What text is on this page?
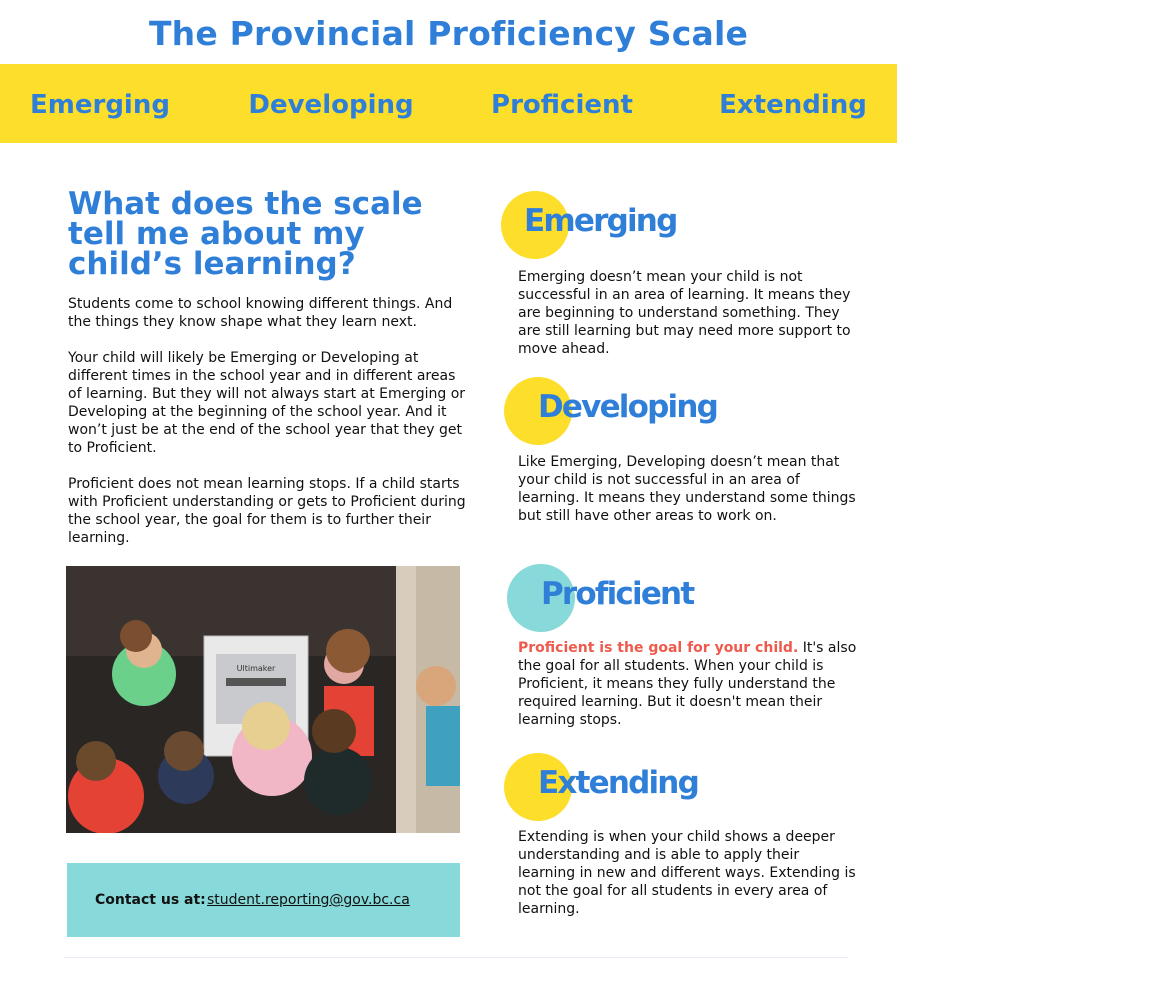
The Provincial Proficiency Scale
Emerging	Developing	Proficient	Extending
What does the scale tell me about my child’s learning?
Students come to school knowing different things. And the things they know shape what they learn next.
Your child will likely be Emerging or Developing at different times in the school year and in different areas of learning. But they will not always start at Emerging or Developing at the beginning of the school year. And it won’t just be at the end of the school year that they get to Proficient.
Proficient does not mean learning stops. If a child starts with Proficient understanding or gets to Proficient during the school year, the goal for them is to further their learning.
Ultimaker
Contact us at: student.reporting@gov.bc.ca
Emerging
Emerging doesn’t mean your child is not successful in an area of learning. It means they are beginning to understand something. They are still learning but may need more support to move ahead.
Developing
Like Emerging, Developing doesn’t mean that your child is not successful in an area of learning. It means they understand some things but still have other areas to work on.
Proficient
Proficient is the goal for your child. It's also the goal for all students. When your child is Proficient, it means they fully understand the required learning. But it doesn't mean their learning stops.
Extending
Extending is when your child shows a deeper understanding and is able to apply their learning in new and different ways. Extending is not the goal for all students in every area of learning.
